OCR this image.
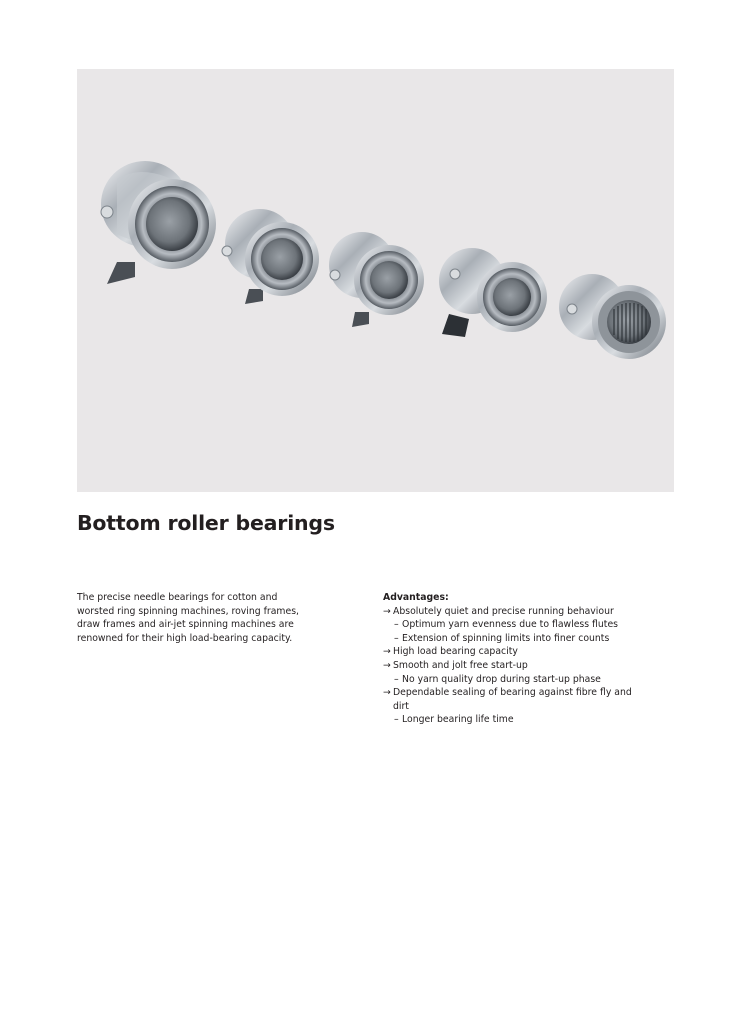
Bottom roller bearings

The precise needle bearings for cotton and worsted ring spinning machines, roving frames, draw frames and air-jet spinning machines are renowned for their high load-bearing capacity.

Advantages:

→ Absolutely quiet and precise running behaviour
– Optimum yarn evenness due to flawless flutes
– Extension of spinning limits into finer counts
→ High load bearing capacity
→ Smooth and jolt free start-up
– No yarn quality drop during start-up phase
→ Dependable sealing of bearing against fibre fly and dirt
– Longer bearing life time
